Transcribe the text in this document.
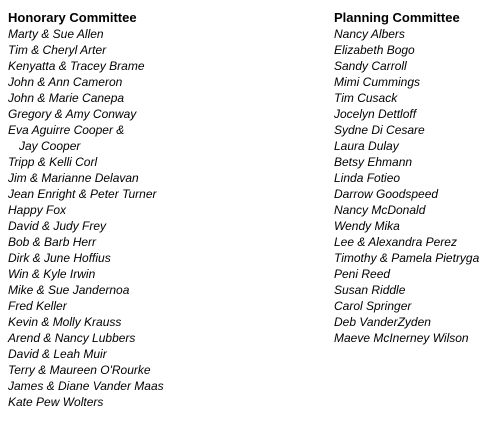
Honorary Committee
Marty & Sue Allen
Tim & Cheryl Arter
Kenyatta & Tracey Brame
John & Ann Cameron
John & Marie Canepa
Gregory & Amy Conway
Eva Aguirre Cooper &
Jay Cooper
Tripp & Kelli Corl
Jim & Marianne Delavan
Jean Enright & Peter Turner
Happy Fox
David & Judy Frey
Bob & Barb Herr
Dirk & June Hoffius
Win & Kyle Irwin
Mike & Sue Jandernoa
Fred Keller
Kevin & Molly Krauss
Arend & Nancy Lubbers
David & Leah Muir
Terry & Maureen O'Rourke
James & Diane Vander Maas
Kate Pew Wolters
Planning Committee
Nancy Albers
Elizabeth Bogo
Sandy Carroll
Mimi Cummings
Tim Cusack
Jocelyn Dettloff
Sydne Di Cesare
Laura Dulay
Betsy Ehmann
Linda Fotieo
Darrow Goodspeed
Nancy McDonald
Wendy Mika
Lee & Alexandra Perez
Timothy & Pamela Pietryga
Peni Reed
Susan Riddle
Carol Springer
Deb VanderZyden
Maeve McInerney Wilson
